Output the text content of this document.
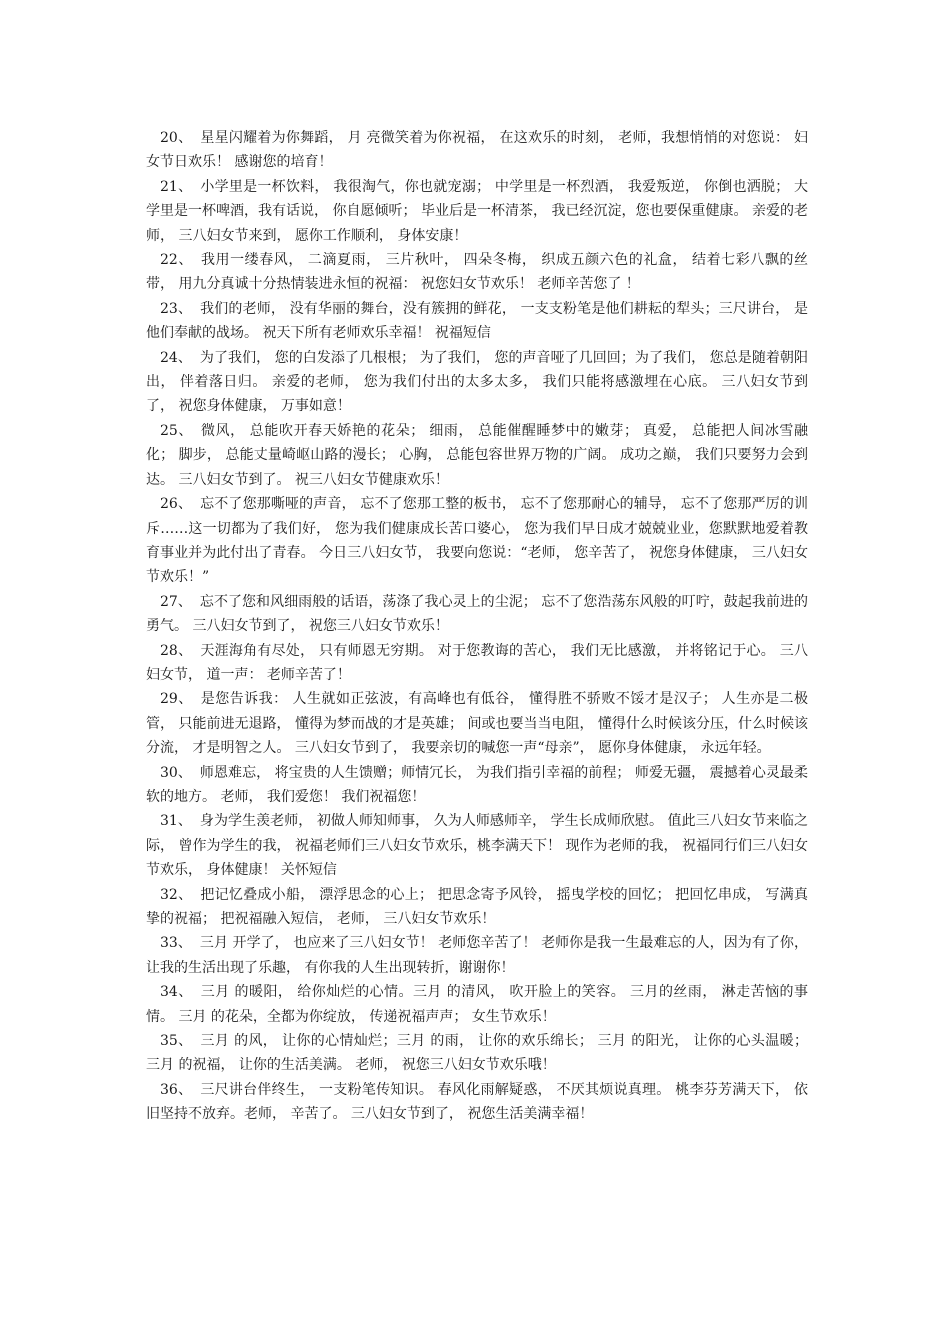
20、 星星闪耀着为你舞蹈， 月 亮微笑着为你祝福， 在这欢乐的时刻， 老师，我想悄悄的对您说： 妇女节日欢乐！ 感谢您的培育！

21、 小学里是一杯饮料， 我很淘气，你也就宠溺； 中学里是一杯烈酒， 我爱叛逆， 你倒也洒脱； 大学里是一杯啤酒，我有话说， 你自愿倾听； 毕业后是一杯清茶， 我已经沉淀，您也要保重健康。 亲爱的老师， 三八妇女节来到， 愿你工作顺利， 身体安康！

22、 我用一缕春风， 二滴夏雨， 三片秋叶， 四朵冬梅， 织成五颜六色的礼盒， 结着七彩八飘的丝带， 用九分真诚十分热情装进永恒的祝福： 祝您妇女节欢乐！ 老师辛苦您了 ！

23、 我们的老师， 没有华丽的舞台，没有簇拥的鲜花， 一支支粉笔是他们耕耘的犁头；三尺讲台， 是他们奉献的战场。 祝天下所有老师欢乐幸福！ 祝福短信

24、 为了我们， 您的白发添了几根根； 为了我们， 您的声音哑了几回回；为了我们， 您总是随着朝阳出， 伴着落日归。 亲爱的老师， 您为我们付出的太多太多， 我们只能将感激埋在心底。 三八妇女节到了， 祝您身体健康， 万事如意！

25、 微风， 总能吹开春天娇艳的花朵； 细雨， 总能催醒睡梦中的嫩芽； 真爱， 总能把人间冰雪融化； 脚步， 总能丈量崎岖山路的漫长； 心胸， 总能包容世界万物的广阔。 成功之巅， 我们只要努力会到达。 三八妇女节到了。 祝三八妇女节健康欢乐！

26、 忘不了您那嘶哑的声音， 忘不了您那工整的板书， 忘不了您那耐心的辅导， 忘不了您那严厉的训斥……这一切都为了我们好， 您为我们健康成长苦口婆心， 您为我们早日成才兢兢业业，您默默地爱着教育事业并为此付出了青春。 今日三八妇女节， 我要向您说：“老师， 您辛苦了， 祝您身体健康， 三八妇女节欢乐！”

27、 忘不了您和风细雨般的话语，荡涤了我心灵上的尘泥； 忘不了您浩荡东风般的叮咛，鼓起我前进的勇气。 三八妇女节到了， 祝您三八妇女节欢乐！

28、 天涯海角有尽处， 只有师恩无穷期。 对于您教诲的苦心， 我们无比感激， 并将铭记于心。 三八妇女节， 道一声： 老师辛苦了！

29、 是您告诉我： 人生就如正弦波，有高峰也有低谷， 懂得胜不骄败不馁才是汉子； 人生亦是二极管， 只能前进无退路， 懂得为梦而战的才是英雄； 间或也要当当电阻， 懂得什么时候该分压，什么时候该分流， 才是明智之人。 三八妇女节到了， 我要亲切的喊您一声“母亲”， 愿你身体健康， 永远年轻。

30、 师恩难忘， 将宝贵的人生馈赠；师情冗长， 为我们指引幸福的前程； 师爱无疆， 震撼着心灵最柔软的地方。 老师， 我们爱您！ 我们祝福您！

31、 身为学生羡老师， 初做人师知师事， 久为人师感师辛， 学生长成师欣慰。 值此三八妇女节来临之际， 曾作为学生的我， 祝福老师们三八妇女节欢乐，桃李满天下！ 现作为老师的我， 祝福同行们三八妇女节欢乐， 身体健康！ 关怀短信

32、 把记忆叠成小船， 漂浮思念的心上； 把思念寄予风铃， 摇曳学校的回忆； 把回忆串成， 写满真挚的祝福； 把祝福融入短信， 老师， 三八妇女节欢乐！

33、 三月 开学了， 也应来了三八妇女节！ 老师您辛苦了！ 老师你是我一生最难忘的人，因为有了你， 让我的生活出现了乐趣， 有你我的人生出现转折，谢谢你！

34、 三月 的暖阳， 给你灿烂的心情。三月 的清风， 吹开脸上的笑容。 三月的丝雨， 淋走苦恼的事情。 三月 的花朵，全都为你绽放， 传递祝福声声； 女生节欢乐！

35、 三月 的风， 让你的心情灿烂；三月 的雨， 让你的欢乐绵长； 三月 的阳光， 让你的心头温暖； 三月 的祝福， 让你的生活美满。 老师， 祝您三八妇女节欢乐哦！

36、 三尺讲台伴终生， 一支粉笔传知识。 春风化雨解疑惑， 不厌其烦说真理。 桃李芬芳满天下， 依旧坚持不放弃。老师， 辛苦了。 三八妇女节到了， 祝您生活美满幸福！
